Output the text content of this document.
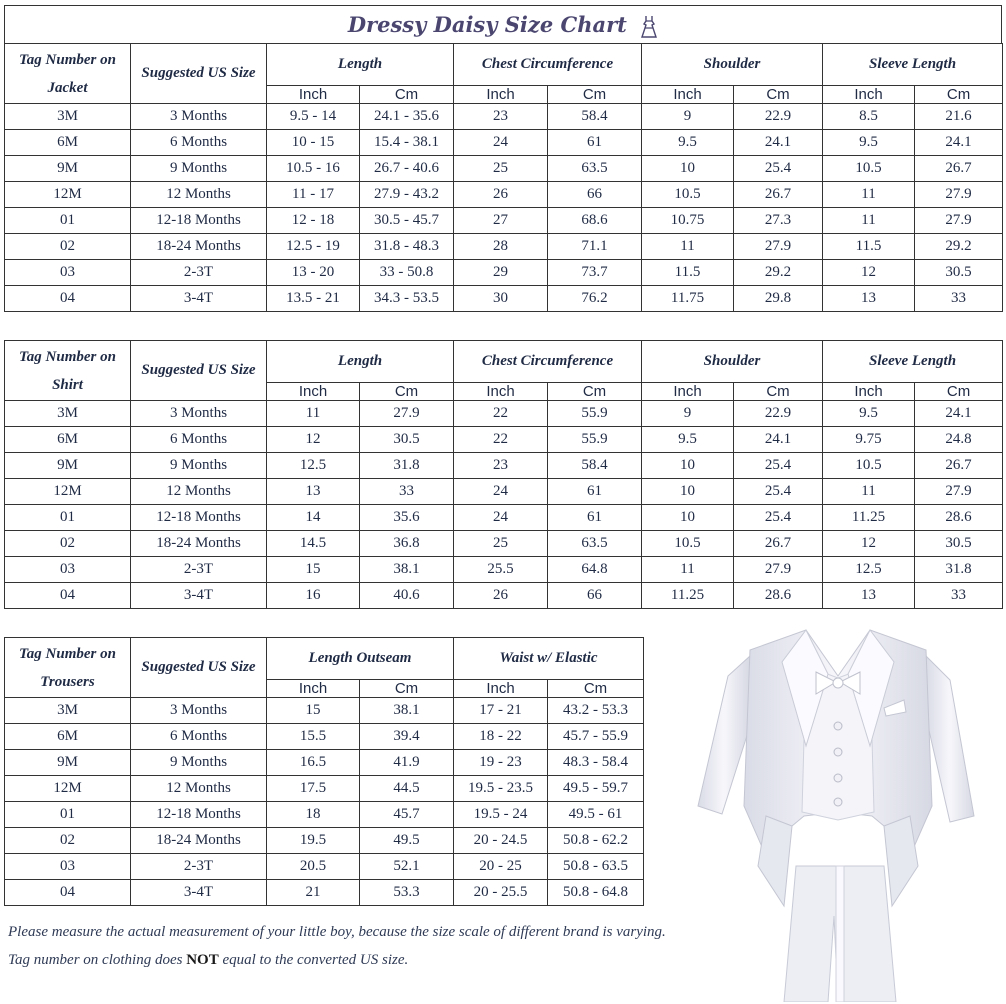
Dressy Daisy Size Chart
Tag Number on Jacket	Suggested US Size	Length		Chest Circumference		Shoulder		Sleeve Length	
		Inch	Cm	Inch	Cm	Inch	Cm	Inch	Cm
3M	3 Months	9.5 - 14	24.1 - 35.6	23	58.4	9	22.9	8.5	21.6
6M	6 Months	10 - 15	15.4 - 38.1	24	61	9.5	24.1	9.5	24.1
9M	9 Months	10.5 - 16	26.7 - 40.6	25	63.5	10	25.4	10.5	26.7
12M	12 Months	11 - 17	27.9 - 43.2	26	66	10.5	26.7	11	27.9
01	12-18 Months	12 - 18	30.5 - 45.7	27	68.6	10.75	27.3	11	27.9
02	18-24 Months	12.5 - 19	31.8 - 48.3	28	71.1	11	27.9	11.5	29.2
03	2-3T	13 - 20	33 - 50.8	29	73.7	11.5	29.2	12	30.5
04	3-4T	13.5 - 21	34.3 - 53.5	30	76.2	11.75	29.8	13	33
Tag Number on Shirt	Suggested US Size	Length		Chest Circumference		Shoulder		Sleeve Length	
		Inch	Cm	Inch	Cm	Inch	Cm	Inch	Cm
3M	3 Months	11	27.9	22	55.9	9	22.9	9.5	24.1
6M	6 Months	12	30.5	22	55.9	9.5	24.1	9.75	24.8
9M	9 Months	12.5	31.8	23	58.4	10	25.4	10.5	26.7
12M	12 Months	13	33	24	61	10	25.4	11	27.9
01	12-18 Months	14	35.6	24	61	10	25.4	11.25	28.6
02	18-24 Months	14.5	36.8	25	63.5	10.5	26.7	12	30.5
03	2-3T	15	38.1	25.5	64.8	11	27.9	12.5	31.8
04	3-4T	16	40.6	26	66	11.25	28.6	13	33
Tag Number on Trousers	Suggested US Size	Length Outseam		Waist w/ Elastic	
		Inch	Cm	Inch	Cm
3M	3 Months	15	38.1	17 - 21	43.2 - 53.3
6M	6 Months	15.5	39.4	18 - 22	45.7 - 55.9
9M	9 Months	16.5	41.9	19 - 23	48.3 - 58.4
12M	12 Months	17.5	44.5	19.5 - 23.5	49.5 - 59.7
01	12-18 Months	18	45.7	19.5 - 24	49.5 - 61
02	18-24 Months	19.5	49.5	20 - 24.5	50.8 - 62.2
03	2-3T	20.5	52.1	20 - 25	50.8 - 63.5
04	3-4T	21	53.3	20 - 25.5	50.8 - 64.8
Please measure the actual measurement of your little boy, because the size scale of different brand is varying.
Tag number on clothing does NOT equal to the converted US size.
